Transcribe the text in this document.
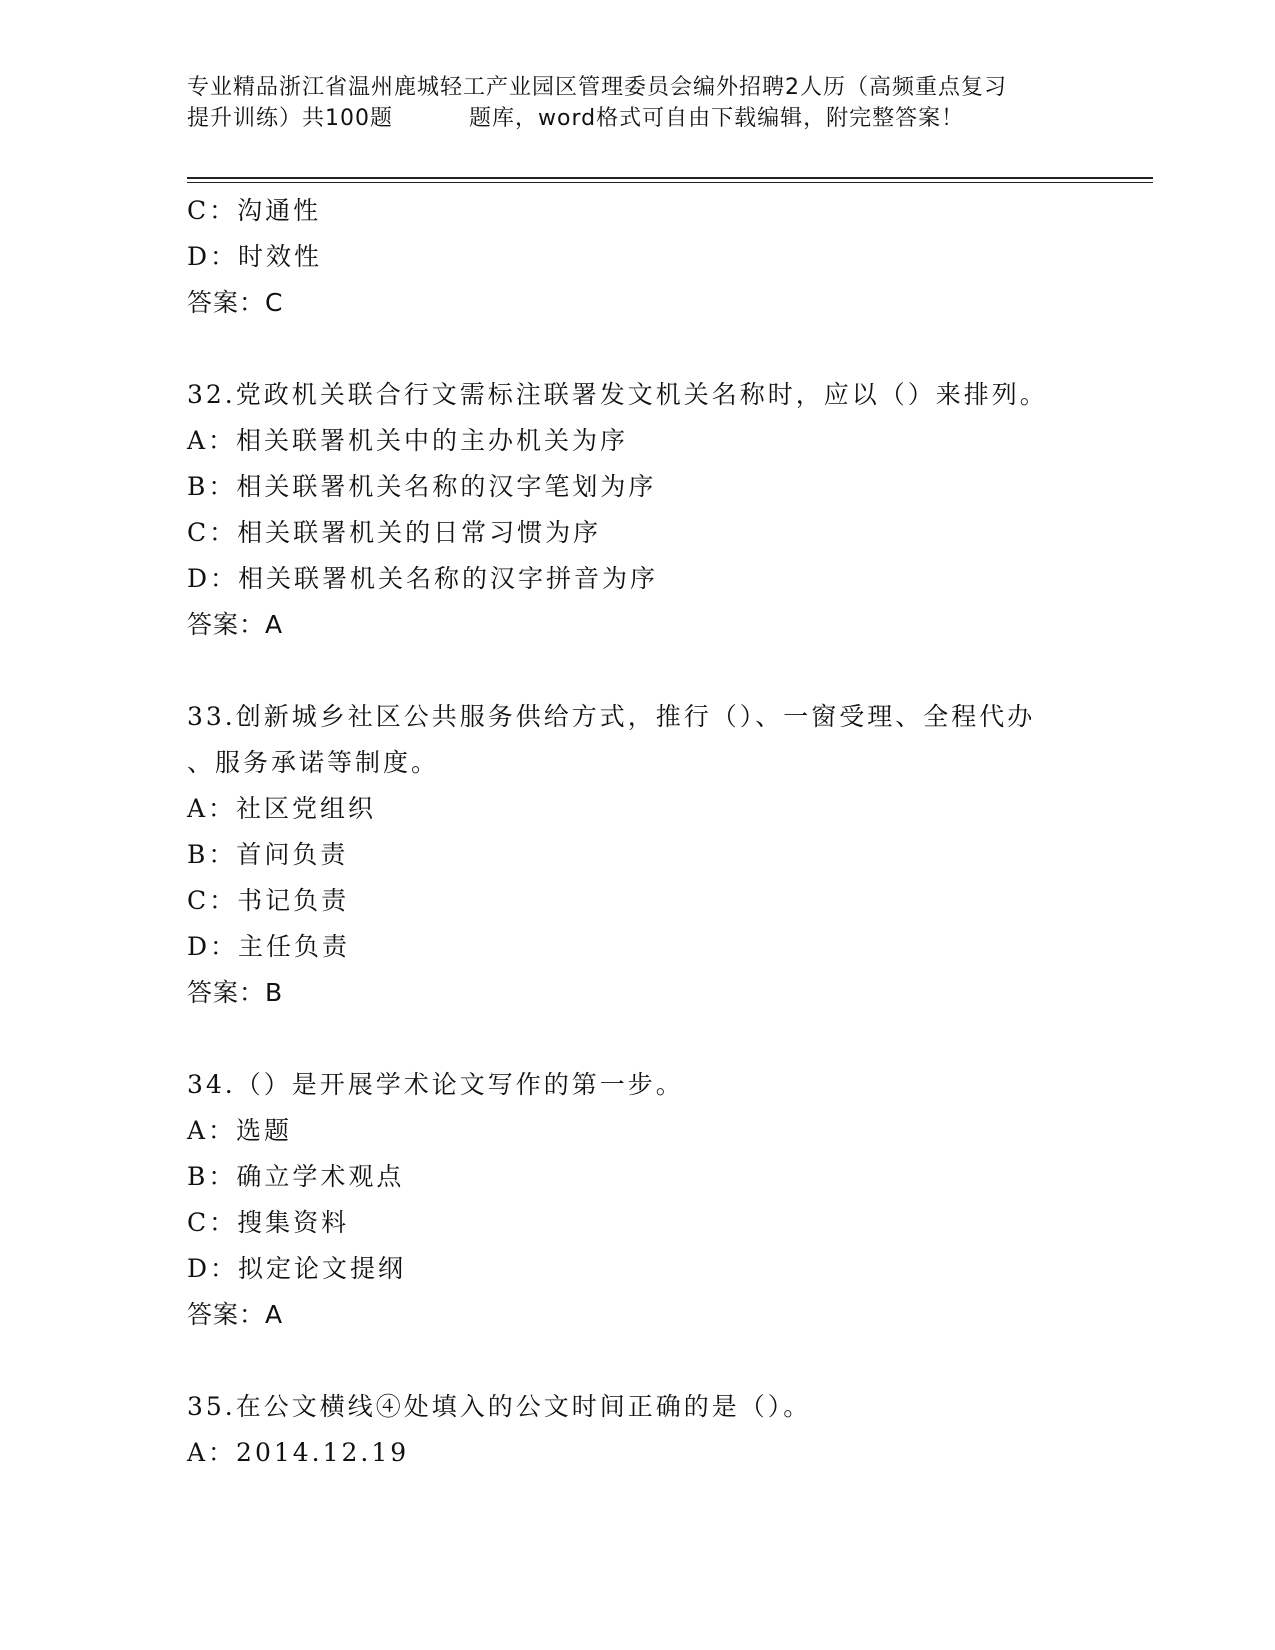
专业精品浙江省温州鹿城轻工产业园区管理委员会编外招聘2人历（高频重点复习
提升训练）共100题	题库，word格式可自由下载编辑，附完整答案！
C：沟通性
D：时效性
答案：C
32.党政机关联合行文需标注联署发文机关名称时，应以（）来排列。
A：相关联署机关中的主办机关为序
B：相关联署机关名称的汉字笔划为序
C：相关联署机关的日常习惯为序
D：相关联署机关名称的汉字拼音为序
答案：A
33.创新城乡社区公共服务供给方式，推行（）、一窗受理、全程代办
、服务承诺等制度。
A：社区党组织
B：首问负责
C：书记负责
D：主任负责
答案：B
34.（）是开展学术论文写作的第一步。
A：选题
B：确立学术观点
C：搜集资料
D：拟定论文提纲
答案：A
35.在公文横线④处填入的公文时间正确的是（）。
A：2014.12.19
